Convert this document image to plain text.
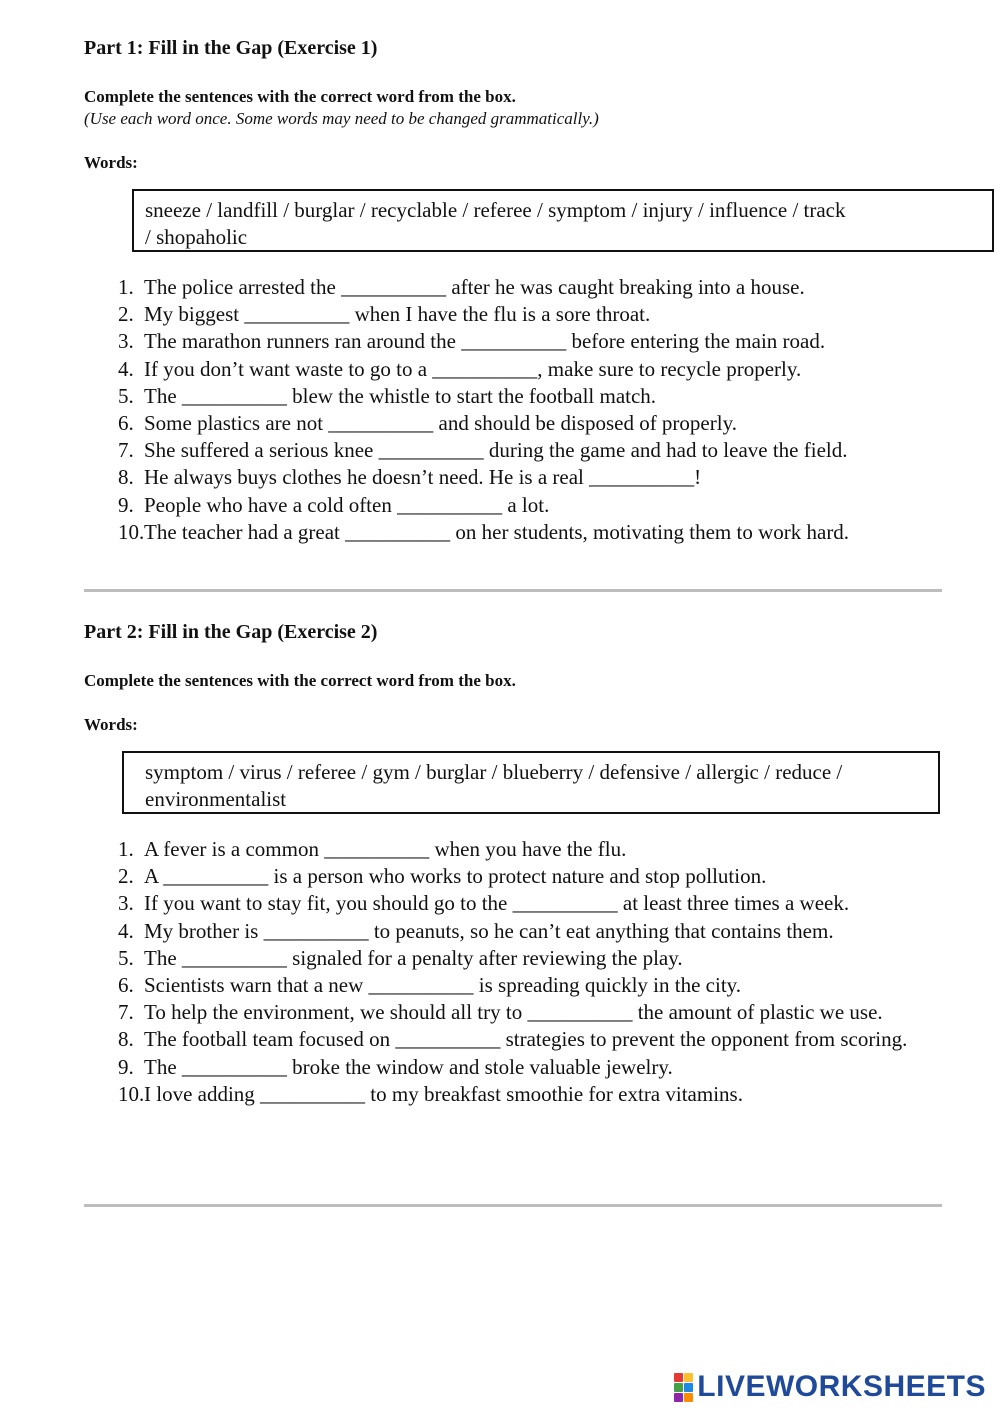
Part 1: Fill in the Gap (Exercise 1)

Complete the sentences with the correct word from the box.

(Use each word once. Some words may need to be changed grammatically.)

Words:

sneeze / landfill / burglar / recyclable / referee / symptom / injury / influence / track
/ shopaholic
1. The police arrested the __________ after he was caught breaking into a house.
2. My biggest __________ when I have the flu is a sore throat.
3. The marathon runners ran around the __________ before entering the main road.
4. If you don’t want waste to go to a __________, make sure to recycle properly.
5. The __________ blew the whistle to start the football match.
6. Some plastics are not __________ and should be disposed of properly.
7. She suffered a serious knee __________ during the game and had to leave the field.
8. He always buys clothes he doesn’t need. He is a real __________!
9. People who have a cold often __________ a lot.
10. The teacher had a great __________ on her students, motivating them to work hard.
Part 2: Fill in the Gap (Exercise 2)

Complete the sentences with the correct word from the box.

Words:

symptom / virus / referee / gym / burglar / blueberry / defensive / allergic / reduce /
environmentalist
1. A fever is a common __________ when you have the flu.
2. A __________ is a person who works to protect nature and stop pollution.
3. If you want to stay fit, you should go to the __________ at least three times a week.
4. My brother is __________ to peanuts, so he can’t eat anything that contains them.
5. The __________ signaled for a penalty after reviewing the play.
6. Scientists warn that a new __________ is spreading quickly in the city.
7. To help the environment, we should all try to __________ the amount of plastic we use.
8. The football team focused on __________ strategies to prevent the opponent from scoring.
9. The __________ broke the window and stole valuable jewelry.
10. I love adding __________ to my breakfast smoothie for extra vitamins.
LIVEWORKSHEETS
